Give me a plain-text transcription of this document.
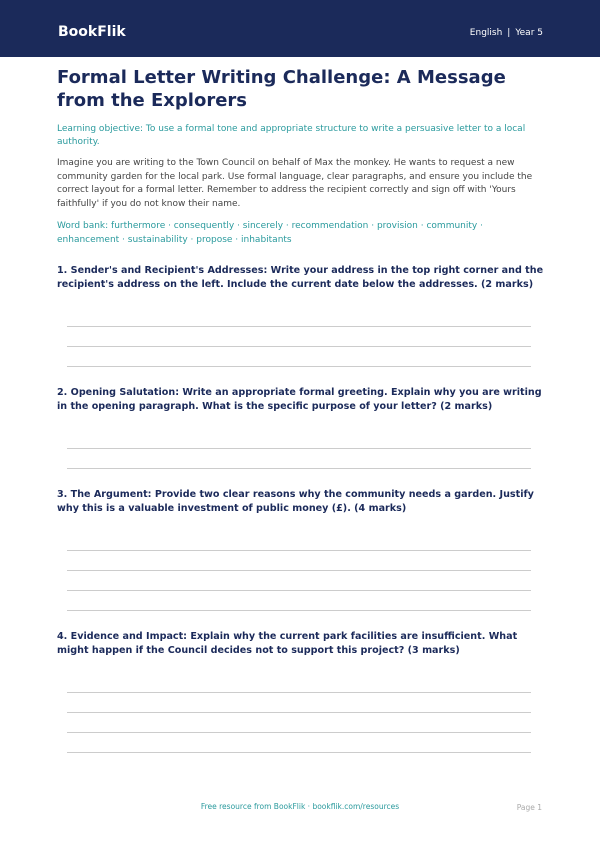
BookFlik	English | Year 5
Formal Letter Writing Challenge: A Message from the Explorers
Learning objective: To use a formal tone and appropriate structure to write a persuasive letter to a local authority.
Imagine you are writing to the Town Council on behalf of Max the monkey. He wants to request a new community garden for the local park. Use formal language, clear paragraphs, and ensure you include the correct layout for a formal letter. Remember to address the recipient correctly and sign off with 'Yours faithfully' if you do not know their name.
Word bank: furthermore · consequently · sincerely · recommendation · provision · community · enhancement · sustainability · propose · inhabitants
1. Sender's and Recipient's Addresses: Write your address in the top right corner and the recipient's address on the left. Include the current date below the addresses. (2 marks)
2. Opening Salutation: Write an appropriate formal greeting. Explain why you are writing in the opening paragraph. What is the specific purpose of your letter? (2 marks)
3. The Argument: Provide two clear reasons why the community needs a garden. Justify why this is a valuable investment of public money (£). (4 marks)
4. Evidence and Impact: Explain why the current park facilities are insufficient. What might happen if the Council decides not to support this project? (3 marks)
Free resource from BookFlik · bookflik.com/resources	Page 1
